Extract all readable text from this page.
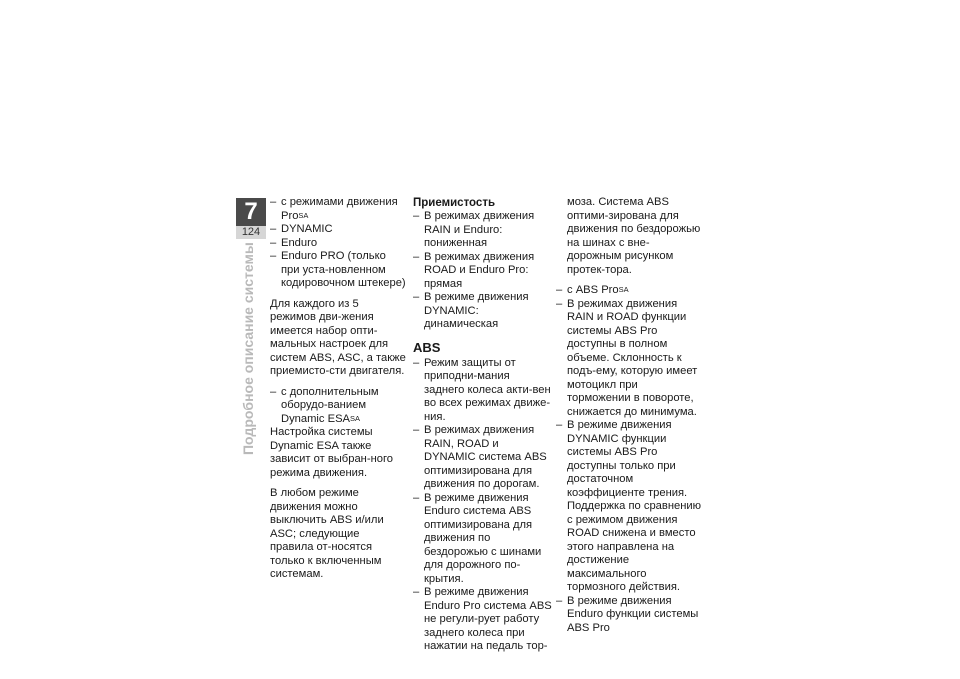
7
124
Подробное описание системы
– с режимами движения Pro$^{SA}$
– DYNAMIC
– Enduro
– Enduro PRO (только при уста-новленном кодировочном штекере)

Для каждого из 5 режимов дви-жения имеется набор опти-мальных настроек для систем ABS, ASC, а также приемисто-сти двигателя.

– с дополнительным оборудо-ванием Dynamic $ESA^{SA}$

Настройка системы Dynamic ESA также зависит от выбран-ного режима движения.

В любом режиме движения можно выключить ABS и/или ASC; следующие правила от-носятся только к включенным системам.

Приемистость
– В режимах движения RAIN и Enduro: пониженная
– В режимах движения ROAD и Enduro Pro: прямая
– В режиме движения DYNAMIC: динамическая
ABS
– Режим защиты от приподни-мания заднего колеса акти-вен во всех режимах движе-ния.
– В режимах движения RAIN, ROAD и DYNAMIC система ABS оптимизирована для движения по дорогам.
– В режиме движения Enduro система ABS оптимизирована для движения по бездорожью с шинами для дорожного по-крытия.
– В режиме движения Enduro Pro система ABS не регули-рует работу заднего колеса при нажатии на педаль тор-

моза. Система ABS оптими-зирована для движения по бездорожью на шинах с вне-дорожным рисунком протек-тора.

– с ABS Pro$^{SA}$
– В режимах движения RAIN и ROAD функции системы ABS Pro доступны в полном объеме. Склонность к подъ-ему, которую имеет мотоцикл при торможении в повороте, снижается до минимума.
– В режиме движения DYNAMIC функции системы ABS Pro доступны только при достаточном коэффициенте трения. Поддержка по сравнению с режимом движения ROAD снижена и вместо этого направлена на достижение максимального тормозного действия.
– В режиме движения Enduro функции системы ABS Pro
